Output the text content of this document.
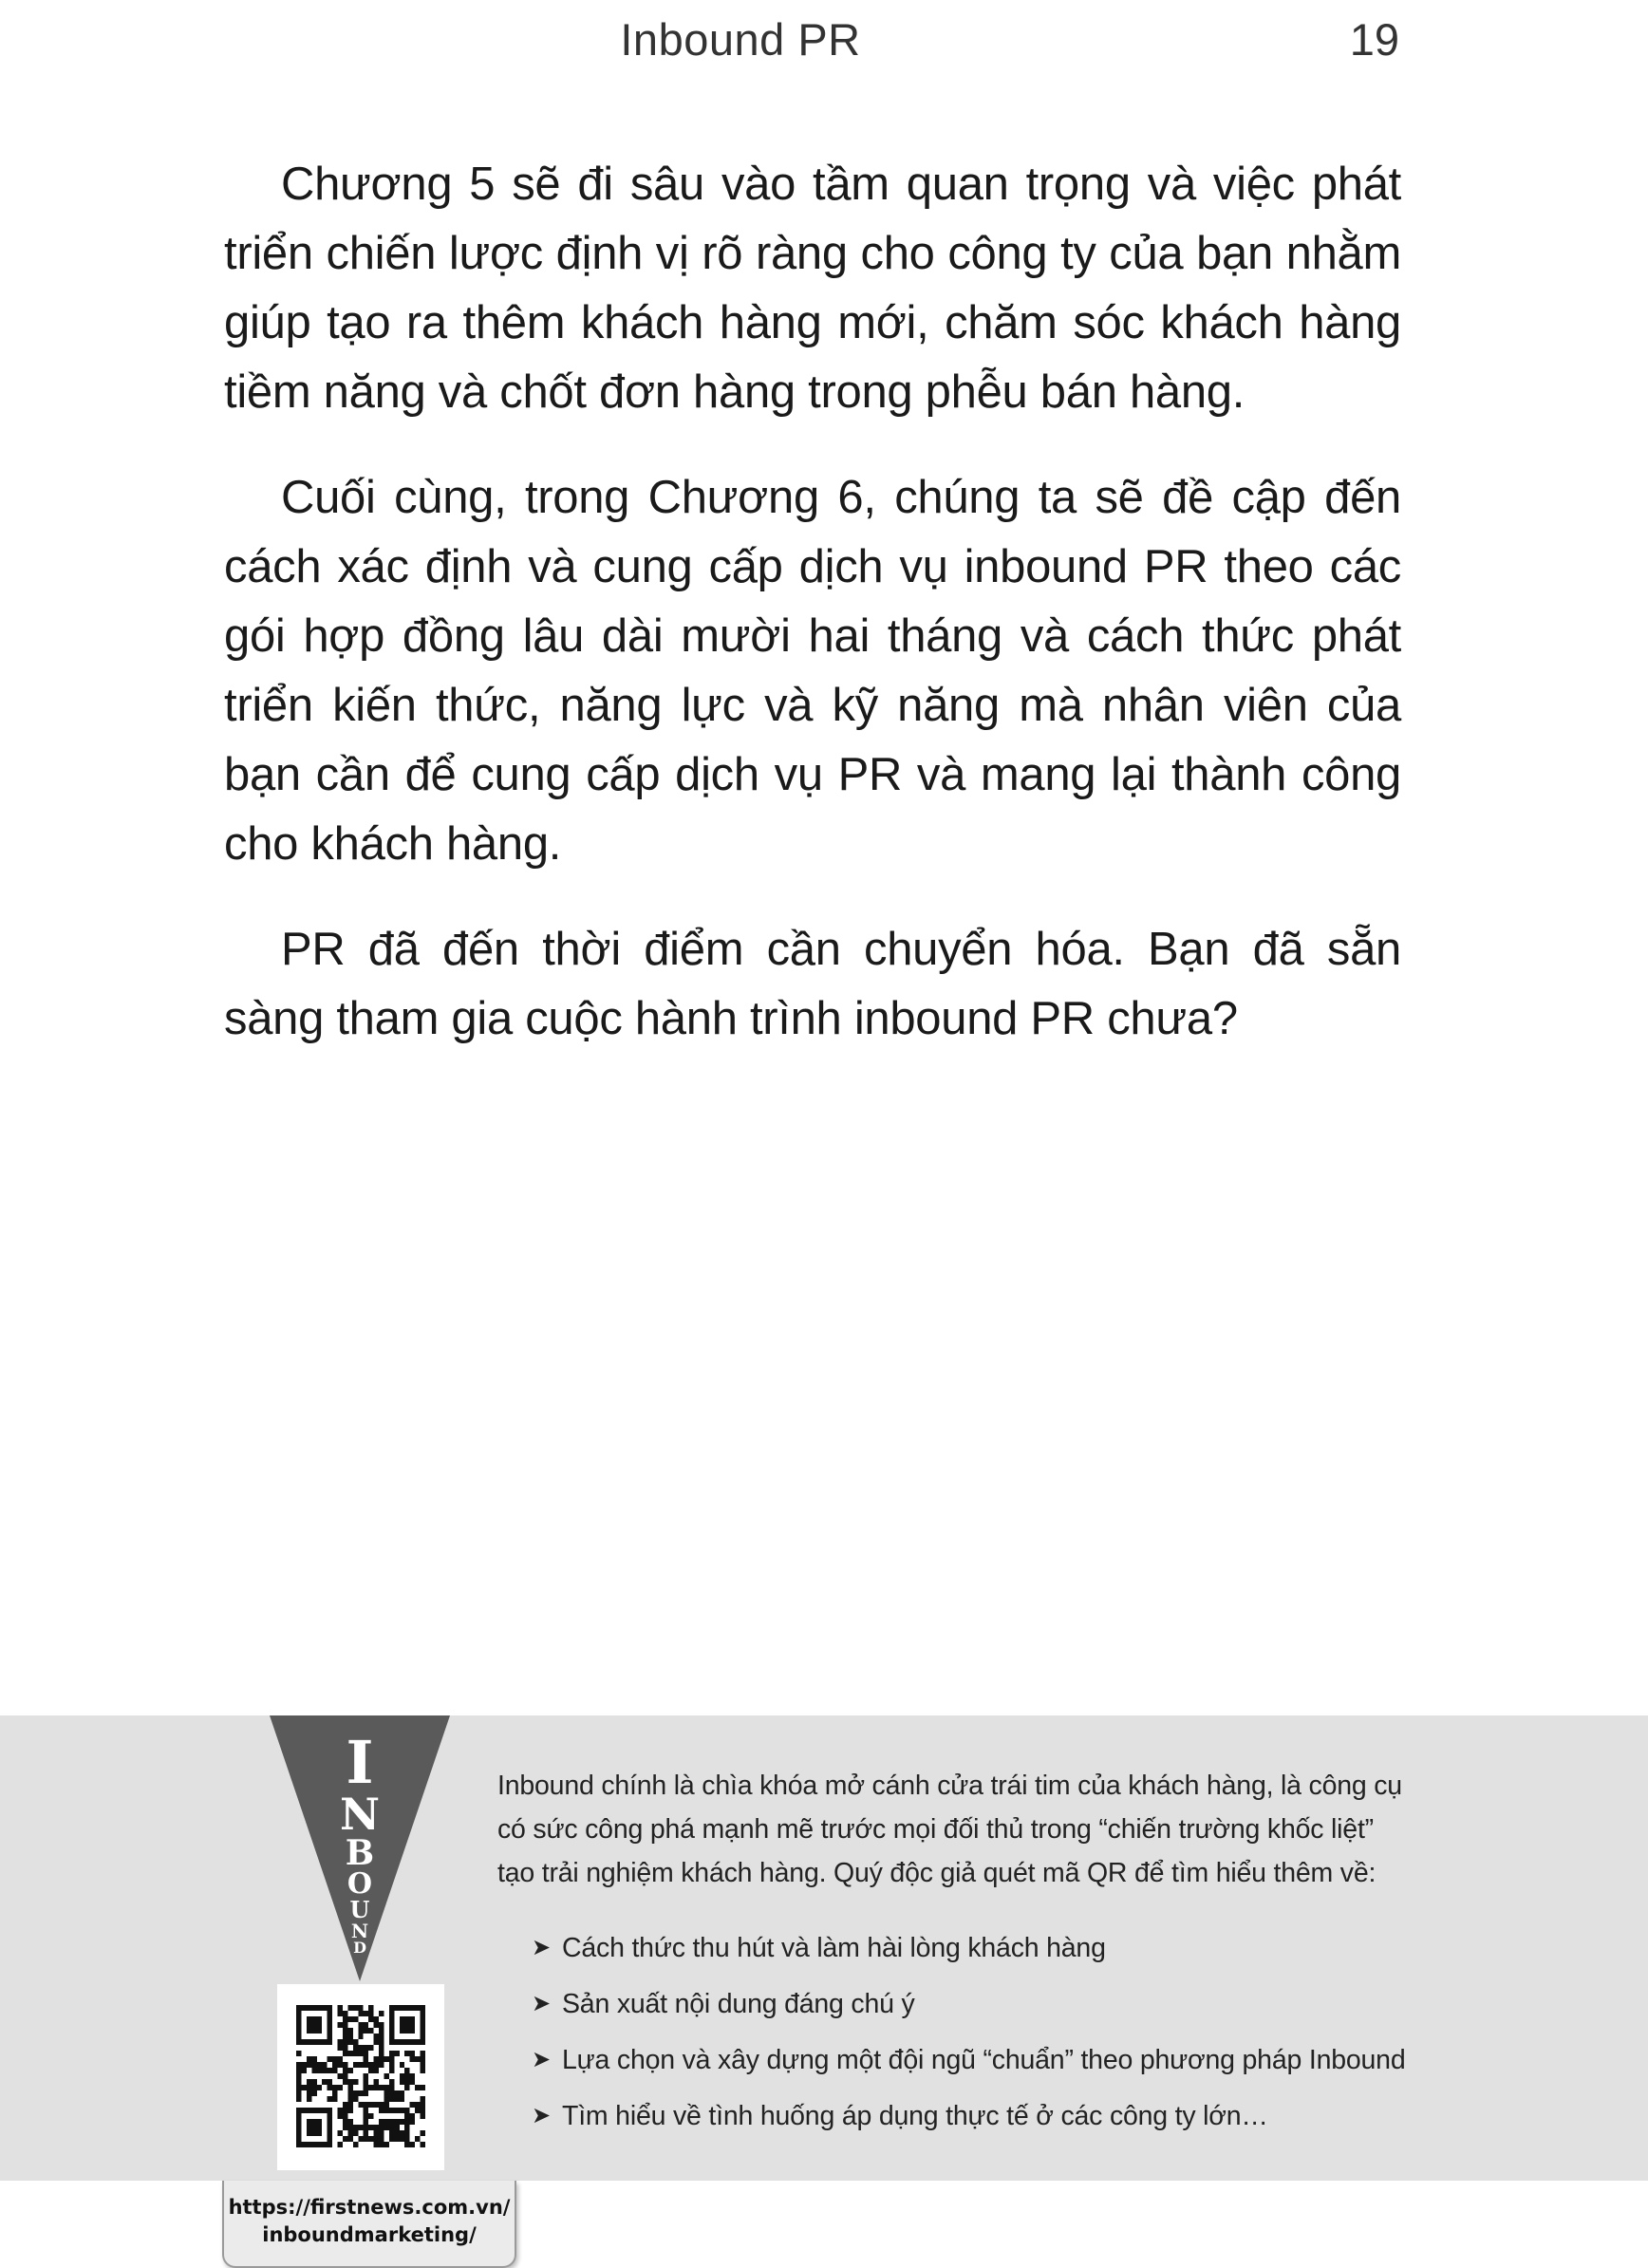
Inbound PR	19

Chương 5 sẽ đi sâu vào tầm quan trọng và việc phát triển chiến lược định vị rõ ràng cho công ty của bạn nhằm giúp tạo ra thêm khách hàng mới, chăm sóc khách hàng tiềm năng và chốt đơn hàng trong phễu bán hàng.

Cuối cùng, trong Chương 6, chúng ta sẽ đề cập đến cách xác định và cung cấp dịch vụ inbound PR theo các gói hợp đồng lâu dài mười hai tháng và cách thức phát triển kiến thức, năng lực và kỹ năng mà nhân viên của bạn cần để cung cấp dịch vụ PR và mang lại thành công cho khách hàng.

PR đã đến thời điểm cần chuyển hóa. Bạn đã sẵn sàng tham gia cuộc hành trình inbound PR chưa?

I
N
B
O
U
N
D
https://firstnews.com.vn/
inboundmarketing/
Inbound chính là chìa khóa mở cánh cửa trái tim của khách hàng, là công cụ có sức công phá mạnh mẽ trước mọi đối thủ trong “chiến trường khốc liệt” tạo trải nghiệm khách hàng. Quý độc giả quét mã QR để tìm hiểu thêm về:
➤ Cách thức thu hút và làm hài lòng khách hàng
➤ Sản xuất nội dung đáng chú ý
➤ Lựa chọn và xây dựng một đội ngũ “chuẩn” theo phương pháp Inbound
➤ Tìm hiểu về tình huống áp dụng thực tế ở các công ty lớn…
